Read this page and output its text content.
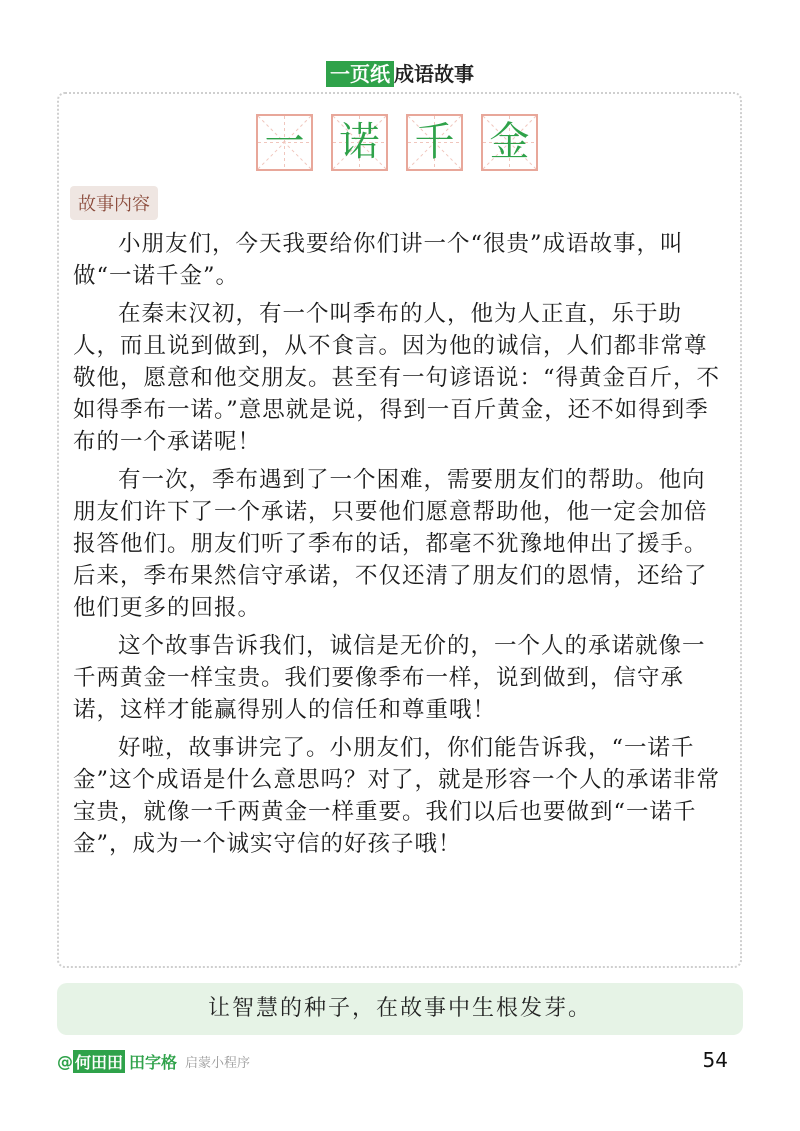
一页纸 成语故事
一 诺 千 金
故事内容

小朋友们，今天我要给你们讲一个“很贵”成语故事，叫做“一诺千金”。

在秦末汉初，有一个叫季布的人，他为人正直，乐于助人，而且说到做到，从不食言。因为他的诚信，人们都非常尊敬他，愿意和他交朋友。甚至有一句谚语说：“得黄金百斤，不如得季布一诺。”意思就是说，得到一百斤黄金，还不如得到季布的一个承诺呢！

有一次，季布遇到了一个困难，需要朋友们的帮助。他向朋友们许下了一个承诺，只要他们愿意帮助他，他一定会加倍报答他们。朋友们听了季布的话，都毫不犹豫地伸出了援手。后来，季布果然信守承诺，不仅还清了朋友们的恩情，还给了他们更多的回报。

这个故事告诉我们，诚信是无价的，一个人的承诺就像一千两黄金一样宝贵。我们要像季布一样，说到做到，信守承诺，这样才能赢得别人的信任和尊重哦！

好啦，故事讲完了。小朋友们，你们能告诉我，“一诺千金”这个成语是什么意思吗？对了，就是形容一个人的承诺非常宝贵，就像一千两黄金一样重要。我们以后也要做到“一诺千金”，成为一个诚实守信的好孩子哦！

让智慧的种子，在故事中生根发芽。
@ 何田田 田字格 启蒙小程序	54
